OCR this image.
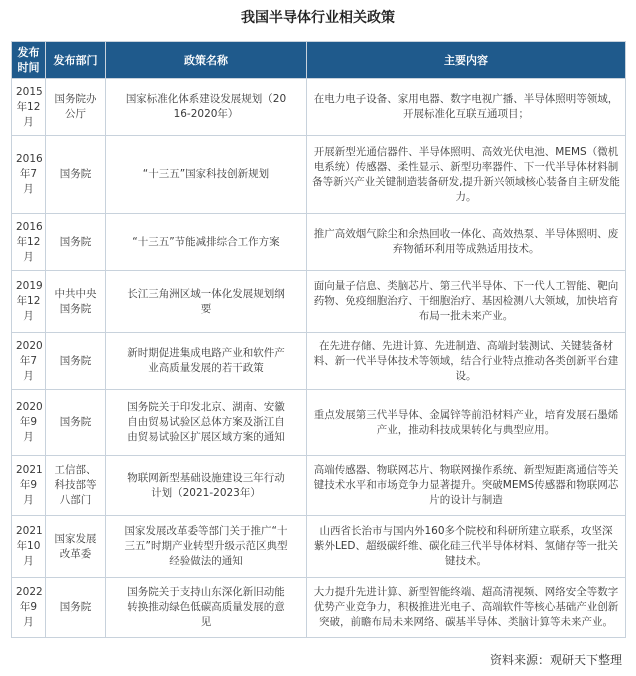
我国半导体行业相关政策
发布
时间	发布部门	政策名称	主要内容
2015
年12
月	国务院办
公厅	国家标准化体系建设发展规划（20
16-2020年）	在电力电子设备、家用电器、数字电视广播、半导体照明等领域，
开展标准化互联互通项目；
2016
年7
月	国务院	“十三五”国家科技创新规划	开展新型光通信器件、半导体照明、高效光伏电池、MEMS（微机
电系统）传感器、柔性显示、新型功率器件、下一代半导体材料制
备等新兴产业关键制造装备研发,提升新兴领域核心装备自主研发能
力。
2016
年12
月	国务院	“十三五”节能减排综合工作方案	推广高效烟气除尘和余热回收一体化、高效热泵、半导体照明、废
弃物循环利用等成熟适用技术。
2019
年12
月	中共中央
国务院	长江三角洲区域一体化发展规划纲
要	面向量子信息、类脑芯片、第三代半导体、下一代人工智能、靶向
药物、免疫细胞治疗、干细胞治疗、基因检测八大领域，加快培育
布局一批未来产业。
2020
年7
月	国务院	新时期促进集成电路产业和软件产
业高质量发展的若干政策	在先进存储、先进计算、先进制造、高端封装测试、关键装备材
料、新一代半导体技术等领域，结合行业特点推动各类创新平台建
设。
2020
年9
月	国务院	国务院关于印发北京、湖南、安徽
自由贸易试验区总体方案及浙江自
由贸易试验区扩展区域方案的通知	重点发展第三代半导体、金属锌等前沿材料产业，培育发展石墨烯
产业，推动科技成果转化与典型应用。
2021
年9
月	工信部、
科技部等
八部门	物联网新型基础设施建设三年行动
计划（2021-2023年）	高端传感器、物联网芯片、物联网操作系统、新型短距离通信等关
键技术水平和市场竞争力显著提升。突破MEMS传感器和物联网芯
片的设计与制造
2021
年10
月	国家发展
改革委	国家发展改革委等部门关于推广“十
三五”时期产业转型升级示范区典型
经验做法的通知	山西省长治市与国内外160多个院校和科研所建立联系，攻坚深
紫外LED、超级碳纤维、碳化硅三代半导体材料、氢储存等一批关
键技术。
2022
年9
月	国务院	国务院关于支持山东深化新旧动能
转换推动绿色低碳高质量发展的意
见	大力提升先进计算、新型智能终端、超高清视频、网络安全等数字
优势产业竞争力，积极推进光电子、高端软件等核心基础产业创新
突破，前瞻布局未来网络、碳基半导体、类脑计算等未来产业。
资料来源：观研天下整理
